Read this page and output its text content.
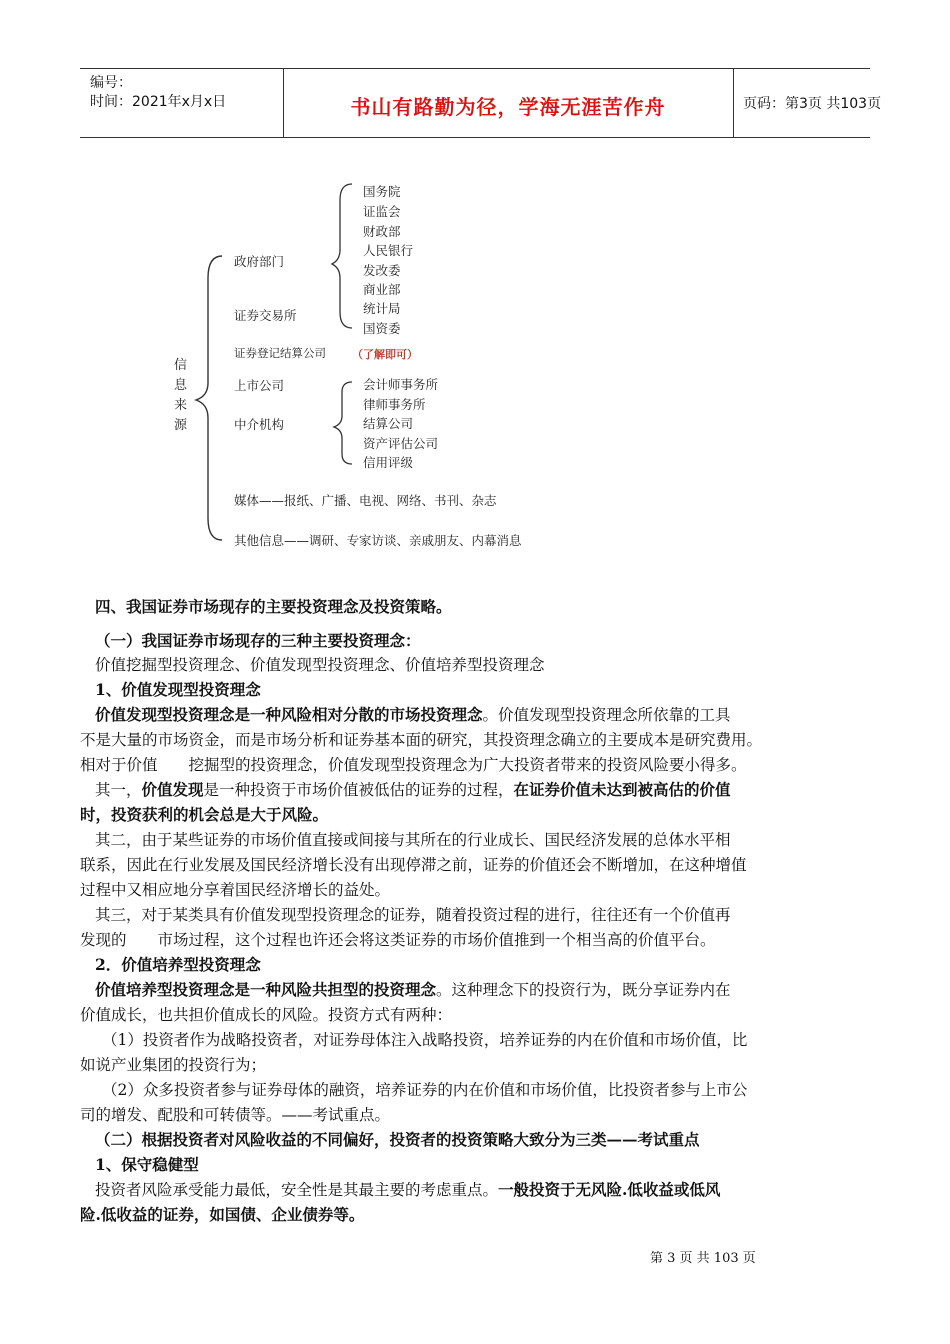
编号：
时间：2021年x月x日	书山有路勤为径，学海无涯苦作舟	页码：第3页 共103页
信息来源
政府部门
证券交易所
证券登记结算公司 （了解即可）
上市公司
中介机构
媒体——报纸、广播、电视、网络、书刊、杂志
其他信息——调研、专家访谈、亲戚朋友、内幕消息
国务院
证监会
财政部
人民银行
发改委
商业部
统计局
国资委
会计师事务所
律师事务所
结算公司
资产评估公司
信用评级
四、我国证券市场现存的主要投资理念及投资策略。
（一）我国证券市场现存的三种主要投资理念：
价值挖掘型投资理念、价值发现型投资理念、价值培养型投资理念
1、价值发现型投资理念
价值发现型投资理念是一种风险相对分散的市场投资理念。价值发现型投资理念所依靠的工具
不是大量的市场资金，而是市场分析和证券基本面的研究，其投资理念确立的主要成本是研究费用。
相对于价值　　挖掘型的投资理念，价值发现型投资理念为广大投资者带来的投资风险要小得多。
其一，价值发现是一种投资于市场价值被低估的证券的过程，在证券价值未达到被高估的价值
时，投资获利的机会总是大于风险。
其二，由于某些证券的市场价值直接或间接与其所在的行业成长、国民经济发展的总体水平相
联系，因此在行业发展及国民经济增长没有出现停滞之前，证券的价值还会不断增加，在这种增值
过程中又相应地分享着国民经济增长的益处。
其三，对于某类具有价值发现型投资理念的证券，随着投资过程的进行，往往还有一个价值再
发现的　　市场过程，这个过程也许还会将这类证券的市场价值推到一个相当高的价值平台。
2．价值培养型投资理念
价值培养型投资理念是一种风险共担型的投资理念。这种理念下的投资行为，既分享证券内在
价值成长，也共担价值成长的风险。投资方式有两种：
（1）投资者作为战略投资者，对证券母体注入战略投资，培养证券的内在价值和市场价值，比
如说产业集团的投资行为；
（2）众多投资者参与证券母体的融资，培养证券的内在价值和市场价值，比投资者参与上市公
司的增发、配股和可转债等。——考试重点。
（二）根据投资者对风险收益的不同偏好，投资者的投资策略大致分为三类——考试重点
1、保守稳健型
投资者风险承受能力最低，安全性是其最主要的考虑重点。一般投资于无风险.低收益或低风
险.低收益的证券，如国债、企业债券等。
第 3 页 共 103 页
